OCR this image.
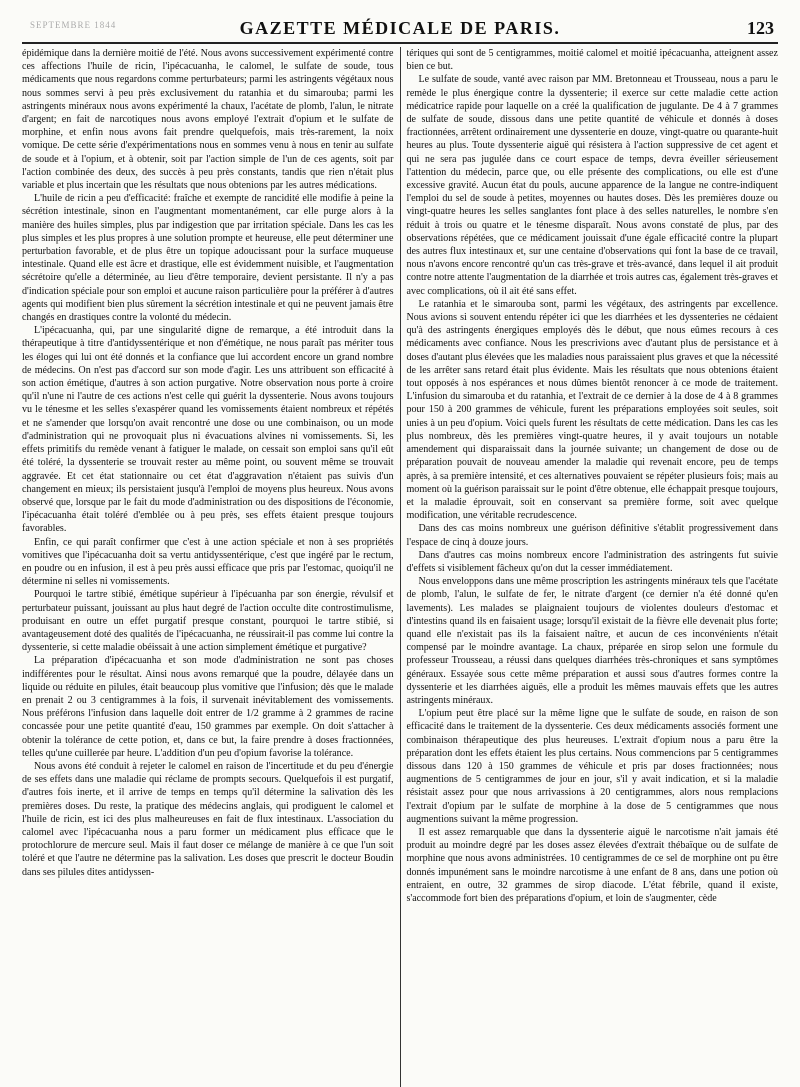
SEPTEMBRE 1844	GAZETTE MÉDICALE DE PARIS.	123

épidémique dans la dernière moitié de l'été. Nous avons successivement expérimenté contre ces affections l'huile de ricin, l'ipécacuanha, le calomel, le sulfate de soude, tous médicaments que nous regardons comme perturbateurs; parmi les astringents végétaux nous nous sommes servi à peu près exclusivement du ratanhia et du simarouba; parmi les astringents minéraux nous avons expérimenté la chaux, l'acétate de plomb, l'alun, le nitrate d'argent; en fait de narcotiques nous avons employé l'extrait d'opium et le sulfate de morphine, et enfin nous avons fait prendre quelquefois, mais très-rarement, la noix vomique. De cette série d'expérimentations nous en sommes venu à nous en tenir au sulfate de soude et à l'opium, et à obtenir, soit par l'action simple de l'un de ces agents, soit par l'action combinée des deux, des succès à peu près constants, tandis que rien n'était plus variable et plus incertain que les résultats que nous obtenions par les autres médications.

L'huile de ricin a peu d'efficacité: fraîche et exempte de rancidité elle modifie à peine la sécrétion intestinale, sinon en l'augmentant momentanément, car elle purge alors à la manière des huiles simples, plus par indigestion que par irritation spéciale. Dans les cas les plus simples et les plus propres à une solution prompte et heureuse, elle peut déterminer une perturbation favorable, et de plus être un topique adoucissant pour la surface muqueuse intestinale. Quand elle est âcre et drastique, elle est évidemment nuisible, et l'augmentation sécrétoire qu'elle a déterminée, au lieu d'être temporaire, devient persistante. Il n'y a pas d'indication spéciale pour son emploi et aucune raison particulière pour la préférer à d'autres agents qui modifient bien plus sûrement la sécrétion intestinale et qui ne peuvent jamais être changés en drastiques contre la volonté du médecin.

L'ipécacuanha, qui, par une singularité digne de remarque, a été introduit dans la thérapeutique à titre d'antidyssentérique et non d'émétique, ne nous paraît pas mériter tous les éloges qui lui ont été donnés et la confiance que lui accordent encore un grand nombre de médecins. On n'est pas d'accord sur son mode d'agir. Les uns attribuent son efficacité à son action émétique, d'autres à son action purgative. Notre observation nous porte à croire qu'il n'une ni l'autre de ces actions n'est celle qui guérit la dyssenterie. Nous avons toujours vu le ténesme et les selles s'exaspérer quand les vomissements étaient nombreux et répétés et ne s'amender que lorsqu'on avait rencontré une dose ou une combinaison, ou un mode d'administration qui ne provoquait plus ni évacuations alvines ni vomissements. Si, les effets primitifs du remède venant à fatiguer le malade, on cessait son emploi sans qu'il eût été toléré, la dyssenterie se trouvait rester au même point, ou souvent même se trouvait aggravée. Et cet état stationnaire ou cet état d'aggravation n'étaient pas suivis d'un changement en mieux; ils persistaient jusqu'à l'emploi de moyens plus heureux. Nous avons observé que, lorsque par le fait du mode d'administration ou des dispositions de l'économie, l'ipécacuanha était toléré d'emblée ou à peu près, ses effets étaient presque toujours favorables.

Enfin, ce qui paraît confirmer que c'est à une action spéciale et non à ses propriétés vomitives que l'ipécacuanha doit sa vertu antidyssentérique, c'est que ingéré par le rectum, en poudre ou en infusion, il est à peu près aussi efficace que pris par l'estomac, quoiqu'il ne détermine ni selles ni vomissements.

Pourquoi le tartre stibié, émétique supérieur à l'ipécuanha par son énergie, révulsif et perturbateur puissant, jouissant au plus haut degré de l'action occulte dite controstimulisme, produisant en outre un effet purgatif presque constant, pourquoi le tartre stibié, si avantageusement doté des qualités de l'ipécacuanha, ne réussirait-il pas comme lui contre la dyssenterie, si cette maladie obéissait à une action simplement émétique et purgative?

La préparation d'ipécacuanha et son mode d'administration ne sont pas choses indifférentes pour le résultat. Ainsi nous avons remarqué que la poudre, délayée dans un liquide ou réduite en pilules, était beaucoup plus vomitive que l'infusion; dès que le malade en prenait 2 ou 3 centigrammes à la fois, il survenait inévitablement des vomissements. Nous préférons l'infusion dans laquelle doit entrer de 1/2 gramme à 2 grammes de racine concassée pour une petite quantité d'eau, 150 grammes par exemple. On doit s'attacher à obtenir la tolérance de cette potion, et, dans ce but, la faire prendre à doses fractionnées, telles qu'une cuillerée par heure. L'addition d'un peu d'opium favorise la tolérance.

Nous avons été conduit à rejeter le calomel en raison de l'incertitude et du peu d'énergie de ses effets dans une maladie qui réclame de prompts secours. Quelquefois il est purgatif, d'autres fois inerte, et il arrive de temps en temps qu'il détermine la salivation dès les premières doses. Du reste, la pratique des médecins anglais, qui prodiguent le calomel et l'huile de ricin, est ici des plus malheureuses en fait de flux intestinaux. L'association du calomel avec l'ipécacuanha nous a paru former un médicament plus efficace que le protochlorure de mercure seul. Mais il faut doser ce mélange de manière à ce que l'un soit toléré et que l'autre ne détermine pas la salivation. Les doses que prescrit le docteur Boudin dans ses pilules dites antidyssen-

tériques qui sont de 5 centigrammes, moitié calomel et moitié ipécacuanha, atteignent assez bien ce but.

Le sulfate de soude, vanté avec raison par MM. Bretonneau et Trousseau, nous a paru le remède le plus énergique contre la dyssenterie; il exerce sur cette maladie cette action médicatrice rapide pour laquelle on a créé la qualification de jugulante. De 4 à 7 grammes de sulfate de soude, dissous dans une petite quantité de véhicule et donnés à doses fractionnées, arrêtent ordinairement une dyssenterie en douze, vingt-quatre ou quarante-huit heures au plus. Toute dyssenterie aiguë qui résistera à l'action suppressive de cet agent et qui ne sera pas jugulée dans ce court espace de temps, devra éveiller sérieusement l'attention du médecin, parce que, ou elle présente des complications, ou elle est d'une excessive gravité. Aucun état du pouls, aucune apparence de la langue ne contre-indiquent l'emploi du sel de soude à petites, moyennes ou hautes doses. Dès les premières douze ou vingt-quatre heures les selles sanglantes font place à des selles naturelles, le nombre s'en réduit à trois ou quatre et le ténesme disparaît. Nous avons constaté de plus, par des observations répétées, que ce médicament jouissait d'une égale efficacité contre la plupart des autres flux intestinaux et, sur une centaine d'observations qui font la base de ce travail, nous n'avons encore rencontré qu'un cas très-grave et très-avancé, dans lequel il ait produit contre notre attente l'augmentation de la diarrhée et trois autres cas, également très-graves et avec complications, où il ait été sans effet.

Le ratanhia et le simarouba sont, parmi les végétaux, des astringents par excellence. Nous avions si souvent entendu répéter ici que les diarrhées et les dyssenteries ne cédaient qu'à des astringents énergiques employés dès le début, que nous eûmes recours à ces médicaments avec confiance. Nous les prescrivions avec d'autant plus de persistance et à doses d'autant plus élevées que les maladies nous paraissaient plus graves et que la nécessité de les arrêter sans retard était plus évidente. Mais les résultats que nous obtenions étaient tout opposés à nos espérances et nous dûmes bientôt renoncer à ce mode de traitement. L'infusion du simarouba et du ratanhia, et l'extrait de ce dernier à la dose de 4 à 8 grammes pour 150 à 200 grammes de véhicule, furent les préparations employées soit seules, soit unies à un peu d'opium. Voici quels furent les résultats de cette médication. Dans les cas les plus nombreux, dès les premières vingt-quatre heures, il y avait toujours un notable amendement qui disparaissait dans la journée suivante; un changement de dose ou de préparation pouvait de nouveau amender la maladie qui revenait encore, peu de temps après, à sa première intensité, et ces alternatives pouvaient se répéter plusieurs fois; mais au moment où la guérison paraissait sur le point d'être obtenue, elle échappait presque toujours, et la maladie éprouvait, soit en conservant sa première forme, soit avec quelque modification, une véritable recrudescence.

Dans des cas moins nombreux une guérison définitive s'établit progressivement dans l'espace de cinq à douze jours.

Dans d'autres cas moins nombreux encore l'administration des astringents fut suivie d'effets si visiblement fâcheux qu'on dut la cesser immédiatement.

Nous enveloppons dans une même proscription les astringents minéraux tels que l'acétate de plomb, l'alun, le sulfate de fer, le nitrate d'argent (ce dernier n'a été donné qu'en lavements). Les malades se plaignaient toujours de violentes douleurs d'estomac et d'intestins quand ils en faisaient usage; lorsqu'il existait de la fièvre elle devenait plus forte; quand elle n'existait pas ils la faisaient naître, et aucun de ces inconvénients n'était compensé par le moindre avantage. La chaux, préparée en sirop selon une formule du professeur Trousseau, a réussi dans quelques diarrhées très-chroniques et sans symptômes généraux. Essayée sous cette même préparation et aussi sous d'autres formes contre la dyssenterie et les diarrhées aiguës, elle a produit les mêmes mauvais effets que les autres astringents minéraux.

L'opium peut être placé sur la même ligne que le sulfate de soude, en raison de son efficacité dans le traitement de la dyssenterie. Ces deux médicaments associés forment une combinaison thérapeutique des plus heureuses. L'extrait d'opium nous a paru être la préparation dont les effets étaient les plus certains. Nous commencions par 5 centigrammes dissous dans 120 à 150 grammes de véhicule et pris par doses fractionnées; nous augmentions de 5 centigrammes de jour en jour, s'il y avait indication, et si la maladie résistait assez pour que nous arrivassions à 20 centigrammes, alors nous remplacions l'extrait d'opium par le sulfate de morphine à la dose de 5 centigrammes que nous augmentions suivant la même progression.

Il est assez remarquable que dans la dyssenterie aiguë le narcotisme n'ait jamais été produit au moindre degré par les doses assez élevées d'extrait thébaïque ou de sulfate de morphine que nous avons administrées. 10 centigrammes de ce sel de morphine ont pu être donnés impunément sans le moindre narcotisme à une enfant de 8 ans, dans une potion où entraient, en outre, 32 grammes de sirop diacode. L'état fébrile, quand il existe, s'accommode fort bien des préparations d'opium, et loin de s'augmenter, cède
